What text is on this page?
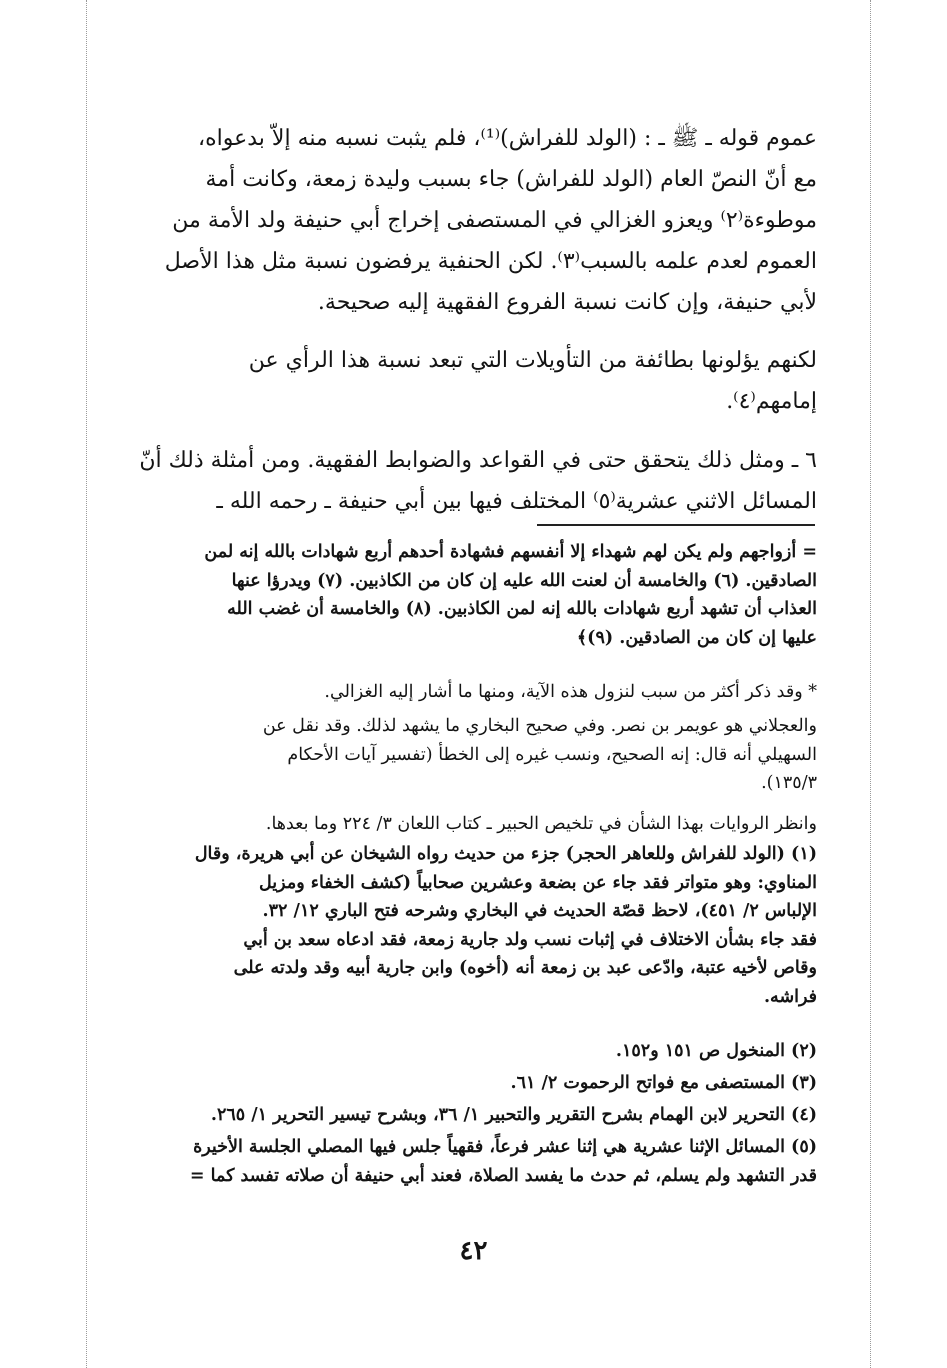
عموم قوله ـ ﷺ ـ : (الولد للفراش)⁽¹⁾، فلم يثبت نسبه منه إلاّ بدعواه،
مع أنّ النصّ العام (الولد للفراش) جاء بسبب وليدة زمعة، وكانت أمة
موطوءة⁽٢⁾ ويعزو الغزالي في المستصفى إخراج أبي حنيفة ولد الأمة من
العموم لعدم علمه بالسبب⁽٣⁾. لكن الحنفية يرفضون نسبة مثل هذا الأصل
لأبي حنيفة، وإن كانت نسبة الفروع الفقهية إليه صحيحة.
لكنهم يؤلونها بطائفة من التأويلات التي تبعد نسبة هذا الرأي عن
إمامهم⁽٤⁾.
٦ ـ ومثل ذلك يتحقق حتى في القواعد والضوابط الفقهية. ومن أمثلة ذلك أنّ
المسائل الاثني عشرية⁽٥⁾ المختلف فيها بين أبي حنيفة ـ رحمه الله ـ
= أزواجهم ولم يكن لهم شهداء إلا أنفسهم فشهادة أحدهم أربع شهادات بالله إنه لمن
الصادقين. (٦) والخامسة أن لعنت الله عليه إن كان من الكاذبين. (٧) ويدرؤا عنها
العذاب أن تشهد أربع شهادات بالله إنه لمن الكاذبين. (٨) والخامسة أن غضب الله
عليها إن كان من الصادقين. (٩)﴾
* وقد ذكر أكثر من سبب لنزول هذه الآية، ومنها ما أشار إليه الغزالي.
والعجلاني هو عويمر بن نصر. وفي صحيح البخاري ما يشهد لذلك. وقد نقل عن
السهيلي أنه قال: إنه الصحيح، ونسب غيره إلى الخطأ (تفسير آيات الأحكام
١٣٥/٣).
وانظر الروايات بهذا الشأن في تلخيص الحبير ـ كتاب اللعان ٣/ ٢٢٤ وما بعدها.
(١) (الولد للفراش وللعاهر الحجر) جزء من حديث رواه الشيخان عن أبي هريرة، وقال
المناوي: وهو متواتر فقد جاء عن بضعة وعشرين صحابياً (كشف الخفاء ومزيل
الإلباس ٢/ ٤٥١)، لاحظ قصّة الحديث في البخاري وشرحه فتح الباري ١٢/ ٣٢.
فقد جاء بشأن الاختلاف في إثبات نسب ولد جارية زمعة، فقد ادعاه سعد بن أبي
وقاص لأخيه عتبة، وادّعى عبد بن زمعة أنه (أخوه) وابن جارية أبيه وقد ولدته على
فراشه.
(٢) المنخول ص ١٥١ و١٥٢.
(٣) المستصفى مع فواتح الرحموت ٢/ ٦١.
(٤) التحرير لابن الهمام بشرح التقرير والتحبير ١/ ٣٦، وبشرح تيسير التحرير ١/ ٢٦٥.
(٥) المسائل الإثنا عشرية هي إثنا عشر فرعاً، فقهياً جلس فيها المصلي الجلسة الأخيرة
قدر التشهد ولم يسلم، ثم حدث ما يفسد الصلاة، فعند أبي حنيفة أن صلاته تفسد كما =
٤٢
